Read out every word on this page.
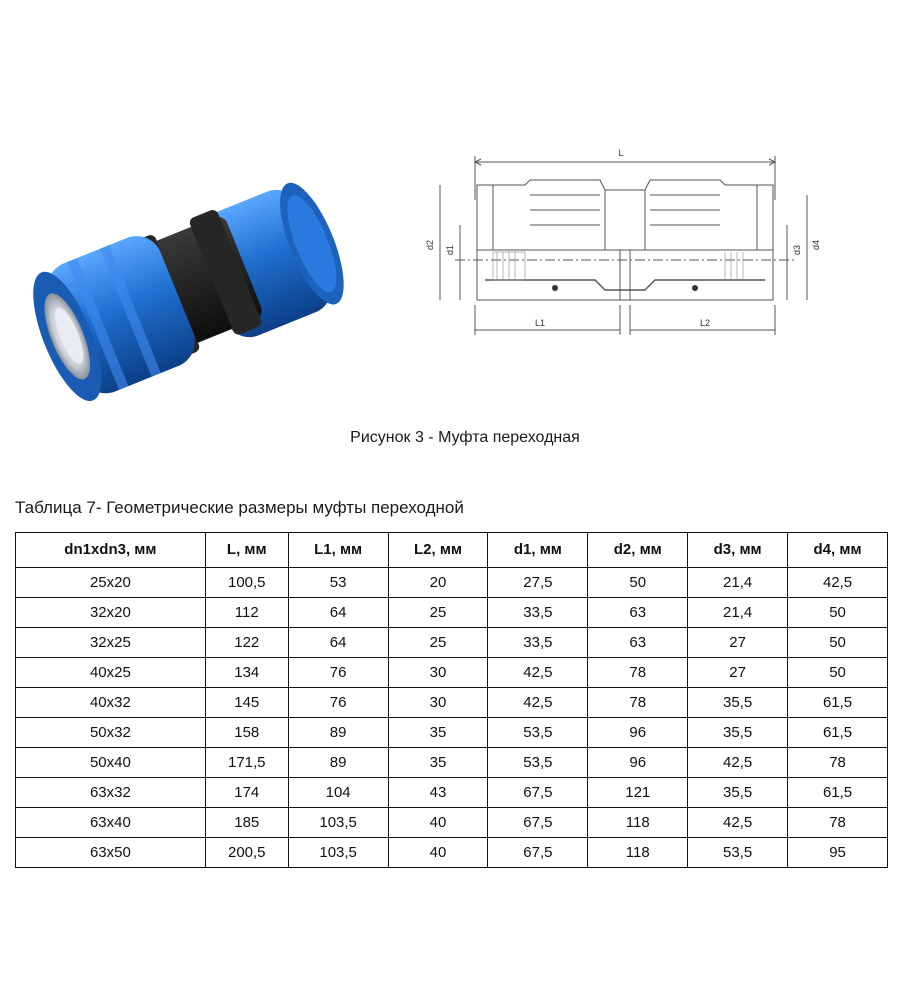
L
L1	L2
d2 d1	d3 d4
Рисунок 3 - Муфта переходная
Таблица 7- Геометрические размеры муфты переходной
dn1xdn3, мм	L, мм	L1, мм	L2, мм	d1, мм	d2, мм	d3, мм	d4, мм
25х20	100,5	53	20	27,5	50	21,4	42,5
32х20	112	64	25	33,5	63	21,4	50
32х25	122	64	25	33,5	63	27	50
40х25	134	76	30	42,5	78	27	50
40х32	145	76	30	42,5	78	35,5	61,5
50х32	158	89	35	53,5	96	35,5	61,5
50х40	171,5	89	35	53,5	96	42,5	78
63х32	174	104	43	67,5	121	35,5	61,5
63х40	185	103,5	40	67,5	118	42,5	78
63х50	200,5	103,5	40	67,5	118	53,5	95
